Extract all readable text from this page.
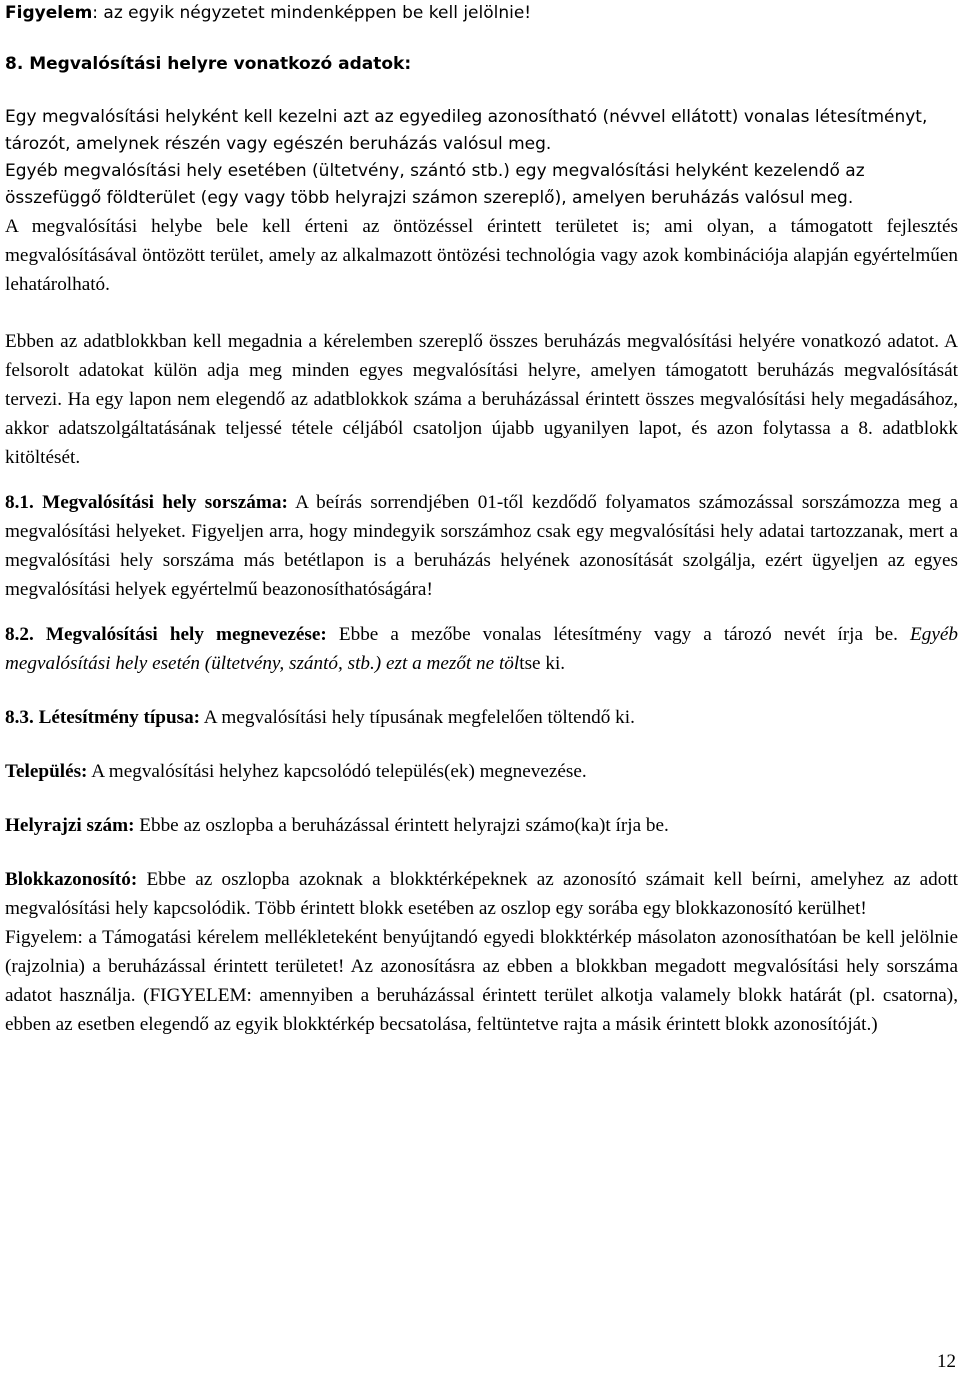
Figyelem: az egyik négyzetet mindenképpen be kell jelölnie!

8. Megvalósítási helyre vonatkozó adatok:

Egy megvalósítási helyként kell kezelni azt az egyedileg azonosítható (névvel ellátott) vonalas létesítményt, tározót, amelynek részén vagy egészén beruházás valósul meg.

Egyéb megvalósítási hely esetében (ültetvény, szántó stb.) egy megvalósítási helyként kezelendő az összefüggő földterület (egy vagy több helyrajzi számon szereplő), amelyen beruházás valósul meg.

A megvalósítási helybe bele kell érteni az öntözéssel érintett területet is; ami olyan, a támogatott fejlesztés megvalósításával öntözött terület, amely az alkalmazott öntözési technológia vagy azok kombinációja alapján egyértelműen lehatárolható.

Ebben az adatblokkban kell megadnia a kérelemben szereplő összes beruházás megvalósítási helyére vonatkozó adatot. A felsorolt adatokat külön adja meg minden egyes megvalósítási helyre, amelyen támogatott beruházás megvalósítását tervezi. Ha egy lapon nem elegendő az adatblokkok száma a beruházással érintett összes megvalósítási hely megadásához, akkor adatszolgáltatásának teljessé tétele céljából csatoljon újabb ugyanilyen lapot, és azon folytassa a 8. adatblokk kitöltését.

8.1. Megvalósítási hely sorszáma: A beírás sorrendjében 01-től kezdődő folyamatos számozással sorszámozza meg a megvalósítási helyeket. Figyeljen arra, hogy mindegyik sorszámhoz csak egy megvalósítási hely adatai tartozzanak, mert a megvalósítási hely sorszáma más betétlapon is a beruházás helyének azonosítását szolgálja, ezért ügyeljen az egyes megvalósítási helyek egyértelmű beazonosíthatóságára!

8.2. Megvalósítási hely megnevezése: Ebbe a mezőbe vonalas létesítmény vagy a tározó nevét írja be. Egyéb megvalósítási hely esetén (ültetvény, szántó, stb.) ezt a mezőt ne töltse ki.

8.3. Létesítmény típusa: A megvalósítási hely típusának megfelelően töltendő ki.

Település: A megvalósítási helyhez kapcsolódó település(ek) megnevezése.

Helyrajzi szám: Ebbe az oszlopba a beruházással érintett helyrajzi számo(ka)t írja be.

Blokkazonosító: Ebbe az oszlopba azoknak a blokktérképeknek az azonosító számait kell beírni, amelyhez az adott megvalósítási hely kapcsolódik. Több érintett blokk esetében az oszlop egy sorába egy blokkazonosító kerülhet!

Figyelem: a Támogatási kérelem mellékleteként benyújtandó egyedi blokktérkép másolaton azonosíthatóan be kell jelölnie (rajzolnia) a beruházással érintett területet! Az azonosításra az ebben a blokkban megadott megvalósítási hely sorszáma adatot használja. (FIGYELEM: amennyiben a beruházással érintett terület alkotja valamely blokk határát (pl. csatorna), ebben az esetben elegendő az egyik blokktérkép becsatolása, feltüntetve rajta a másik érintett blokk azonosítóját.)

12
